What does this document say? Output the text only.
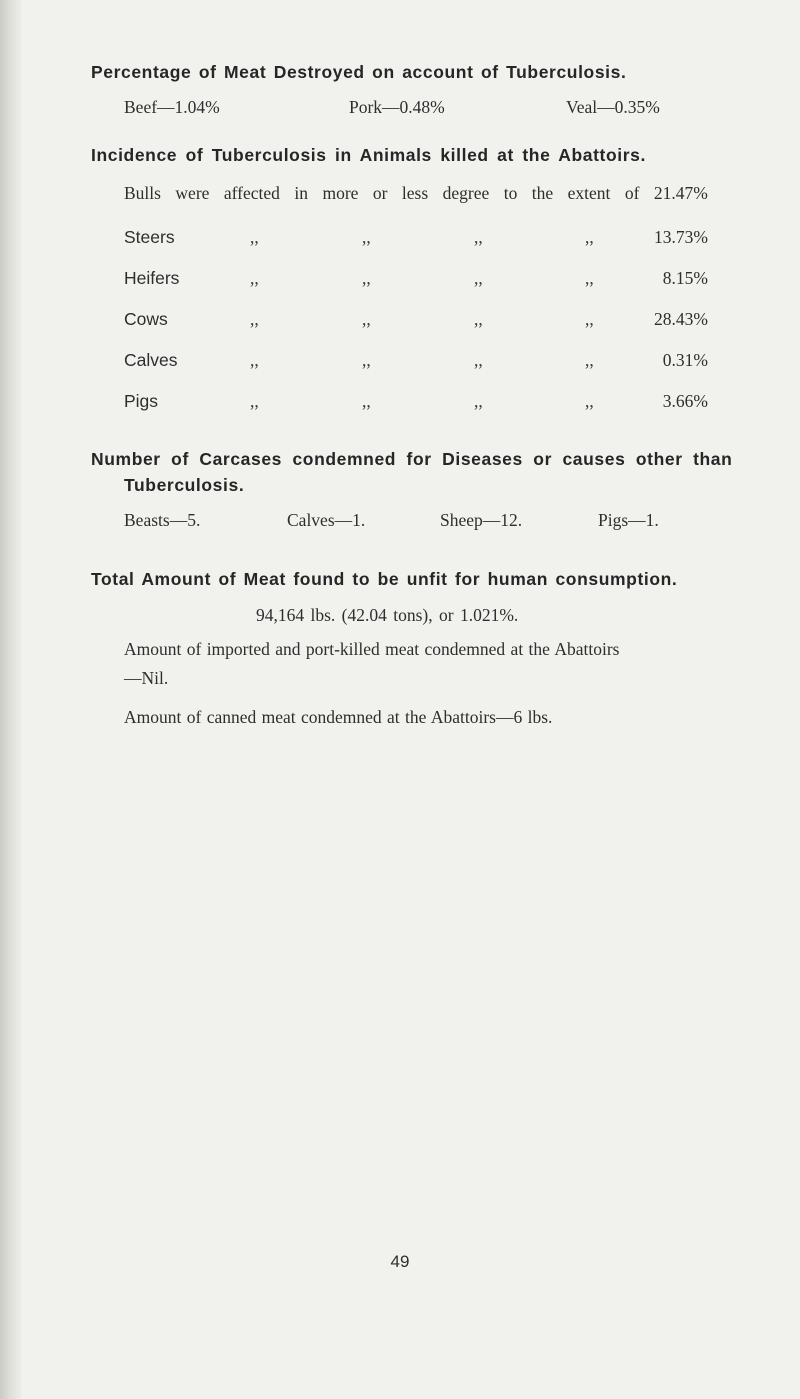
Percentage of Meat Destroyed on account of Tuberculosis.
Beef—1.04%	Pork—0.48%	Veal—0.35%
Incidence of Tuberculosis in Animals killed at the Abattoirs.
Bulls were affected in more or less degree to the extent of 21.47%
Steers	,,	,,	,,	,,	13.73%
Heifers	,,	,,	,,	,,	8.15%
Cows	,,	,,	,,	,,	28.43%
Calves	,,	,,	,,	,,	0.31%
Pigs	,,	,,	,,	,,	3.66%
Number of Carcases condemned for Diseases or causes other than
Tuberculosis.
Beasts—5.	Calves—1.	Sheep—12.	Pigs—1.
Total Amount of Meat found to be unfit for human consumption.
94,164 lbs. (42.04 tons), or 1.021%.
Amount of imported and port-killed meat condemned at the Abattoirs
—Nil.
Amount of canned meat condemned at the Abattoirs—6 lbs.
49
